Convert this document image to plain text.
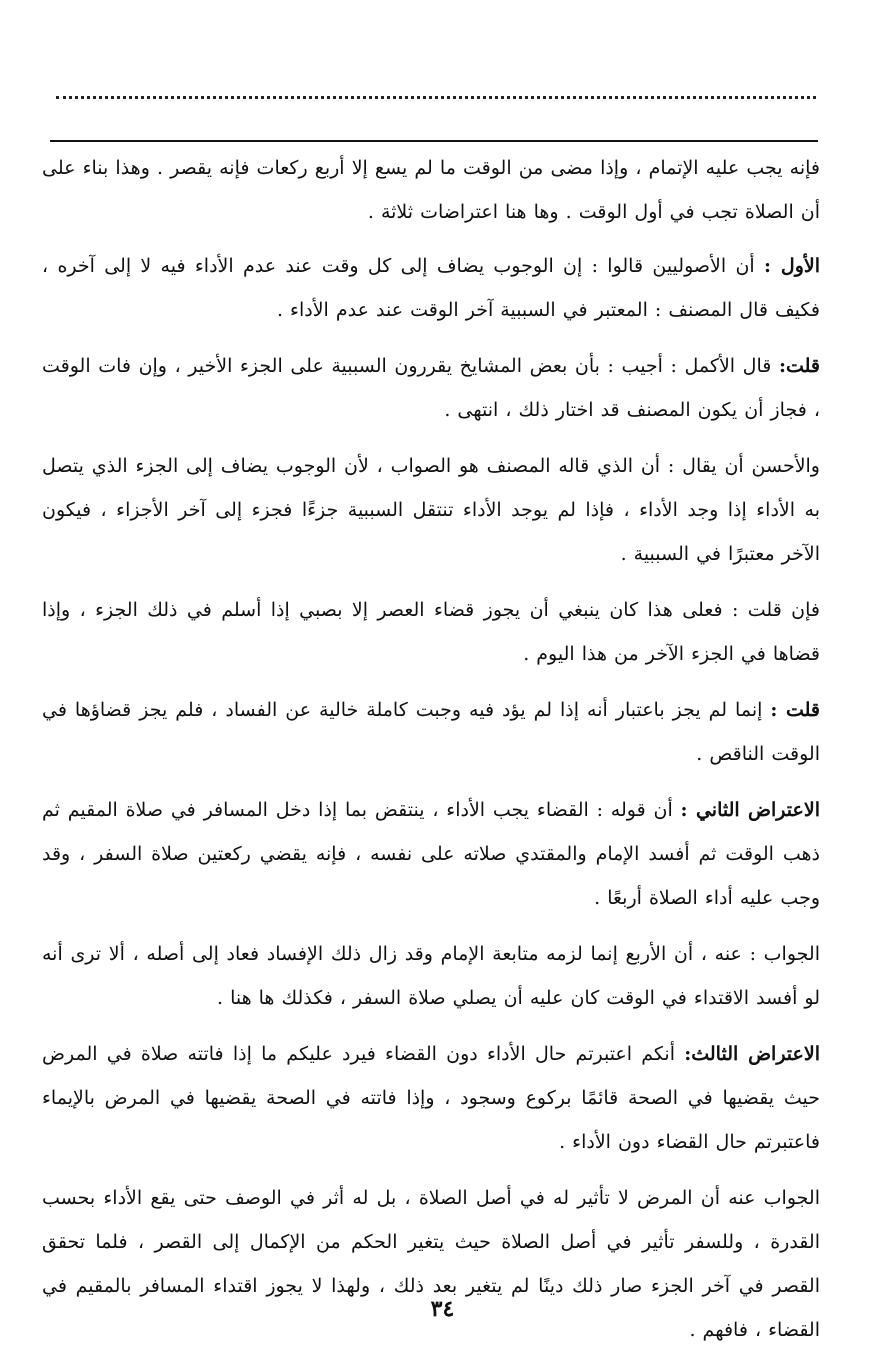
فإنه يجب عليه الإتمام ، وإذا مضى من الوقت ما لم يسع إلا أربع ركعات فإنه يقصر . وهذا بناء على أن الصلاة تجب في أول الوقت . وها هنا اعتراضات ثلاثة .

الأول : أن الأصوليين قالوا : إن الوجوب يضاف إلى كل وقت عند عدم الأداء فيه لا إلى آخره ، فكيف قال المصنف : المعتبر في السببية آخر الوقت عند عدم الأداء .

قلت: قال الأكمل : أجيب : بأن بعض المشايخ يقررون السببية على الجزء الأخير ، وإن فات الوقت ، فجاز أن يكون المصنف قد اختار ذلك ، انتهى .

والأحسن أن يقال : أن الذي قاله المصنف هو الصواب ، لأن الوجوب يضاف إلى الجزء الذي يتصل به الأداء إذا وجد الأداء ، فإذا لم يوجد الأداء تنتقل السببية جزءًا فجزء إلى آخر الأجزاء ، فيكون الآخر معتبرًا في السببية .

فإن قلت : فعلى هذا كان ينبغي أن يجوز قضاء العصر إلا بصبي إذا أسلم في ذلك الجزء ، وإذا قضاها في الجزء الآخر من هذا اليوم .

قلت : إنما لم يجز باعتبار أنه إذا لم يؤد فيه وجبت كاملة خالية عن الفساد ، فلم يجز قضاؤها في الوقت الناقص .

الاعتراض الثاني : أن قوله : القضاء يجب الأداء ، ينتقض بما إذا دخل المسافر في صلاة المقيم ثم ذهب الوقت ثم أفسد الإمام والمقتدي صلاته على نفسه ، فإنه يقضي ركعتين صلاة السفر ، وقد وجب عليه أداء الصلاة أربعًا .

الجواب : عنه ، أن الأربع إنما لزمه متابعة الإمام وقد زال ذلك الإفساد فعاد إلى أصله ، ألا ترى أنه لو أفسد الاقتداء في الوقت كان عليه أن يصلي صلاة السفر ، فكذلك ها هنا .

الاعتراض الثالث: أنكم اعتبرتم حال الأداء دون القضاء فيرد عليكم ما إذا فاتته صلاة في المرض حيث يقضيها في الصحة قائمًا بركوع وسجود ، وإذا فاتته في الصحة يقضيها في المرض بالإيماء فاعتبرتم حال القضاء دون الأداء .

الجواب عنه أن المرض لا تأثير له في أصل الصلاة ، بل له أثر في الوصف حتى يقع الأداء بحسب القدرة ، وللسفر تأثير في أصل الصلاة حيث يتغير الحكم من الإكمال إلى القصر ، فلما تحقق القصر في آخر الجزء صار ذلك دينًا لم يتغير بعد ذلك ، ولهذا لا يجوز اقتداء المسافر بالمقيم في القضاء ، فافهم .

٣٤
